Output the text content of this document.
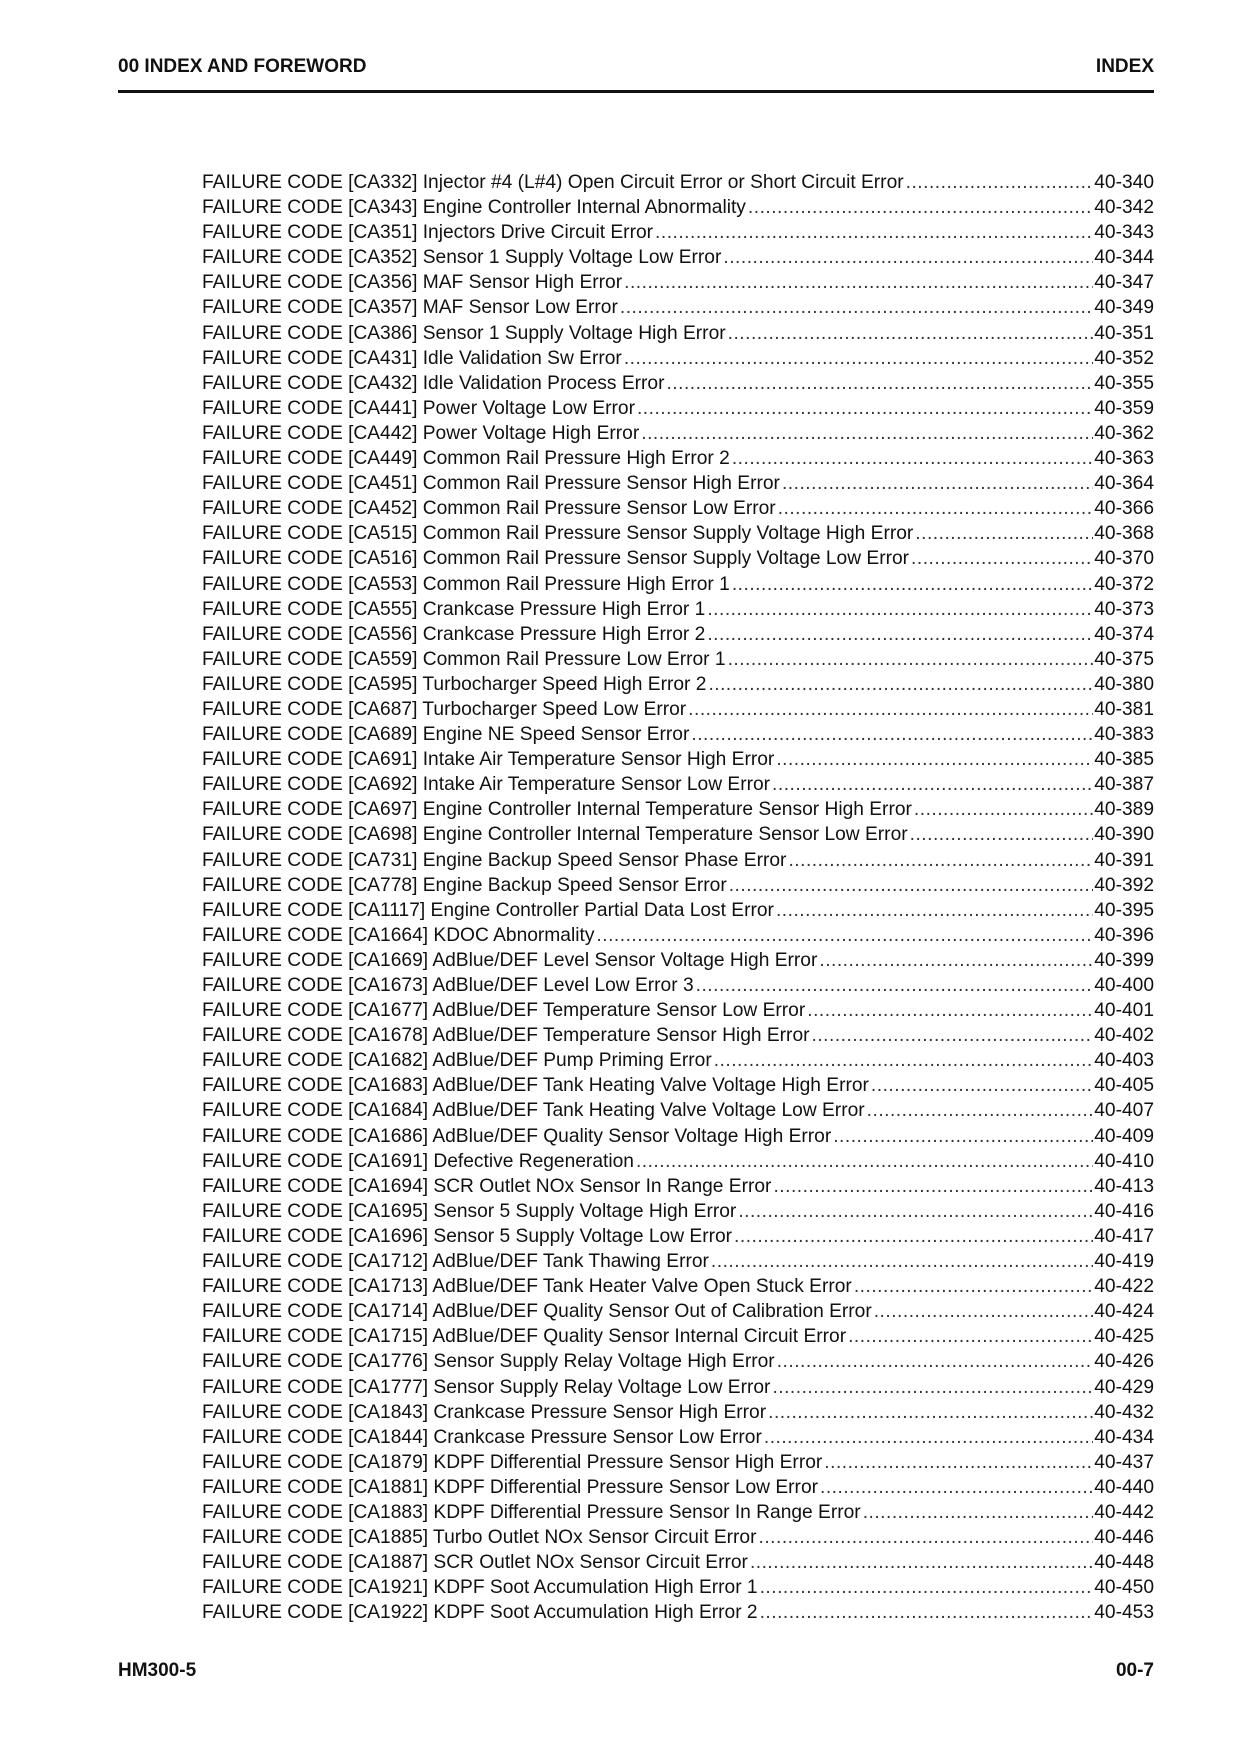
00 INDEX AND FOREWORD	INDEX
FAILURE CODE [CA332] Injector #4 (L#4) Open Circuit Error or Short Circuit Error .....	40-340
FAILURE CODE [CA343] Engine Controller Internal Abnormality .....	40-342
FAILURE CODE [CA351] Injectors Drive Circuit Error .....	40-343
FAILURE CODE [CA352] Sensor 1 Supply Voltage Low Error .....	40-344
FAILURE CODE [CA356] MAF Sensor High Error .....	40-347
FAILURE CODE [CA357] MAF Sensor Low Error .....	40-349
FAILURE CODE [CA386] Sensor 1 Supply Voltage High Error .....	40-351
FAILURE CODE [CA431] Idle Validation Sw Error .....	40-352
FAILURE CODE [CA432] Idle Validation Process Error .....	40-355
FAILURE CODE [CA441] Power Voltage Low Error .....	40-359
FAILURE CODE [CA442] Power Voltage High Error .....	40-362
FAILURE CODE [CA449] Common Rail Pressure High Error 2 .....	40-363
FAILURE CODE [CA451] Common Rail Pressure Sensor High Error .....	40-364
FAILURE CODE [CA452] Common Rail Pressure Sensor Low Error .....	40-366
FAILURE CODE [CA515] Common Rail Pressure Sensor Supply Voltage High Error .....	40-368
FAILURE CODE [CA516] Common Rail Pressure Sensor Supply Voltage Low Error .....	40-370
FAILURE CODE [CA553] Common Rail Pressure High Error 1 .....	40-372
FAILURE CODE [CA555] Crankcase Pressure High Error 1 .....	40-373
FAILURE CODE [CA556] Crankcase Pressure High Error 2 .....	40-374
FAILURE CODE [CA559] Common Rail Pressure Low Error 1 .....	40-375
FAILURE CODE [CA595] Turbocharger Speed High Error 2 .....	40-380
FAILURE CODE [CA687] Turbocharger Speed Low Error .....	40-381
FAILURE CODE [CA689] Engine NE Speed Sensor Error .....	40-383
FAILURE CODE [CA691] Intake Air Temperature Sensor High Error .....	40-385
FAILURE CODE [CA692] Intake Air Temperature Sensor Low Error .....	40-387
FAILURE CODE [CA697] Engine Controller Internal Temperature Sensor High Error .....	40-389
FAILURE CODE [CA698] Engine Controller Internal Temperature Sensor Low Error .....	40-390
FAILURE CODE [CA731] Engine Backup Speed Sensor Phase Error .....	40-391
FAILURE CODE [CA778] Engine Backup Speed Sensor Error .....	40-392
FAILURE CODE [CA1117] Engine Controller Partial Data Lost Error .....	40-395
FAILURE CODE [CA1664] KDOC Abnormality .....	40-396
FAILURE CODE [CA1669] AdBlue/DEF Level Sensor Voltage High Error .....	40-399
FAILURE CODE [CA1673] AdBlue/DEF Level Low Error 3 .....	40-400
FAILURE CODE [CA1677] AdBlue/DEF Temperature Sensor Low Error .....	40-401
FAILURE CODE [CA1678] AdBlue/DEF Temperature Sensor High Error .....	40-402
FAILURE CODE [CA1682] AdBlue/DEF Pump Priming Error .....	40-403
FAILURE CODE [CA1683] AdBlue/DEF Tank Heating Valve Voltage High Error .....	40-405
FAILURE CODE [CA1684] AdBlue/DEF Tank Heating Valve Voltage Low Error .....	40-407
FAILURE CODE [CA1686] AdBlue/DEF Quality Sensor Voltage High Error .....	40-409
FAILURE CODE [CA1691] Defective Regeneration .....	40-410
FAILURE CODE [CA1694] SCR Outlet NOx Sensor In Range Error .....	40-413
FAILURE CODE [CA1695] Sensor 5 Supply Voltage High Error .....	40-416
FAILURE CODE [CA1696] Sensor 5 Supply Voltage Low Error .....	40-417
FAILURE CODE [CA1712] AdBlue/DEF Tank Thawing Error .....	40-419
FAILURE CODE [CA1713] AdBlue/DEF Tank Heater Valve Open Stuck Error .....	40-422
FAILURE CODE [CA1714] AdBlue/DEF Quality Sensor Out of Calibration Error .....	40-424
FAILURE CODE [CA1715] AdBlue/DEF Quality Sensor Internal Circuit Error .....	40-425
FAILURE CODE [CA1776] Sensor Supply Relay Voltage High Error .....	40-426
FAILURE CODE [CA1777] Sensor Supply Relay Voltage Low Error .....	40-429
FAILURE CODE [CA1843] Crankcase Pressure Sensor High Error .....	40-432
FAILURE CODE [CA1844] Crankcase Pressure Sensor Low Error .....	40-434
FAILURE CODE [CA1879] KDPF Differential Pressure Sensor High Error .....	40-437
FAILURE CODE [CA1881] KDPF Differential Pressure Sensor Low Error .....	40-440
FAILURE CODE [CA1883] KDPF Differential Pressure Sensor In Range Error .....	40-442
FAILURE CODE [CA1885] Turbo Outlet NOx Sensor Circuit Error .....	40-446
FAILURE CODE [CA1887] SCR Outlet NOx Sensor Circuit Error .....	40-448
FAILURE CODE [CA1921] KDPF Soot Accumulation High Error 1 .....	40-450
FAILURE CODE [CA1922] KDPF Soot Accumulation High Error 2 .....	40-453
HM300-5	00-7
